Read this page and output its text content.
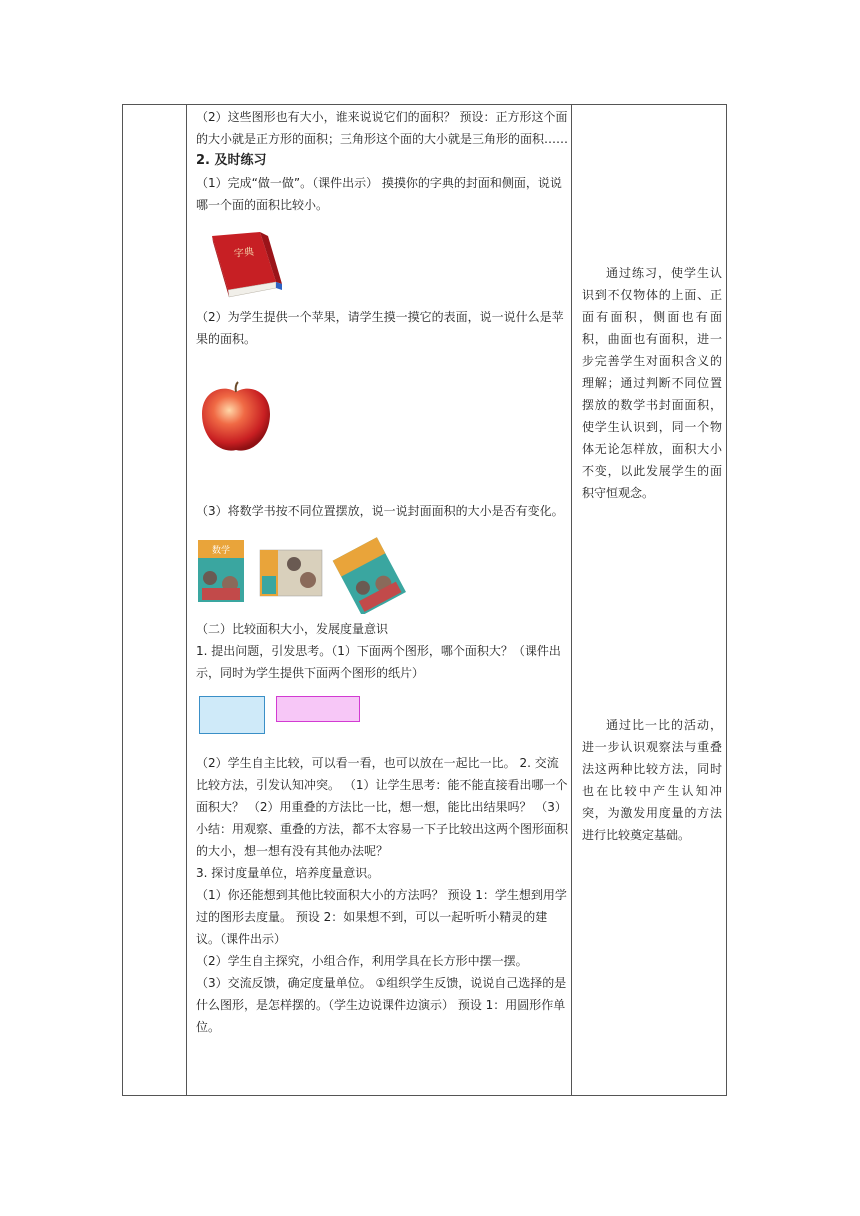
（2）这些图形也有大小，谁来说说它们的面积？ 预设：正方形这个面的大小就是正方形的面积；三角形这个面的大小就是三角形的面积……

2. 及时练习

（1）完成“做一做”。（课件出示） 摸摸你的字典的封面和侧面，说说哪一个面的面积比较小。

字典

（2）为学生提供一个苹果，请学生摸一摸它的表面，说一说什么是苹果的面积。

（3）将数学书按不同位置摆放，说一说封面面积的大小是否有变化。

数学

（二）比较面积大小，发展度量意识

1. 提出问题，引发思考。（1）下面两个图形，哪个面积大？（课件出示，同时为学生提供下面两个图形的纸片）

（2）学生自主比较，可以看一看，也可以放在一起比一比。 2. 交流比较方法，引发认知冲突。 （1）让学生思考：能不能直接看出哪一个面积大？ （2）用重叠的方法比一比，想一想，能比出结果吗？ （3）小结：用观察、重叠的方法，都不太容易一下子比较出这两个图形面积的大小，想一想有没有其他办法呢？

3. 探讨度量单位，培养度量意识。

（1）你还能想到其他比较面积大小的方法吗？ 预设 1：学生想到用学过的图形去度量。 预设 2：如果想不到，可以一起听听小精灵的建议。（课件出示）

（2）学生自主探究，小组合作，利用学具在长方形中摆一摆。

（3）交流反馈，确定度量单位。 ①组织学生反馈，说说自己选择的是什么图形，是怎样摆的。（学生边说课件边演示） 预设 1：用圆形作单位。

通过练习，使学生认识到不仅物体的上面、正面有面积，侧面也有面积，曲面也有面积，进一步完善学生对面积含义的理解；通过判断不同位置摆放的数学书封面面积，使学生认识到，同一个物体无论怎样放，面积大小不变，以此发展学生的面积守恒观念。

通过比一比的活动，进一步认识观察法与重叠法这两种比较方法，同时也在比较中产生认知冲突，为激发用度量的方法进行比较奠定基础。
